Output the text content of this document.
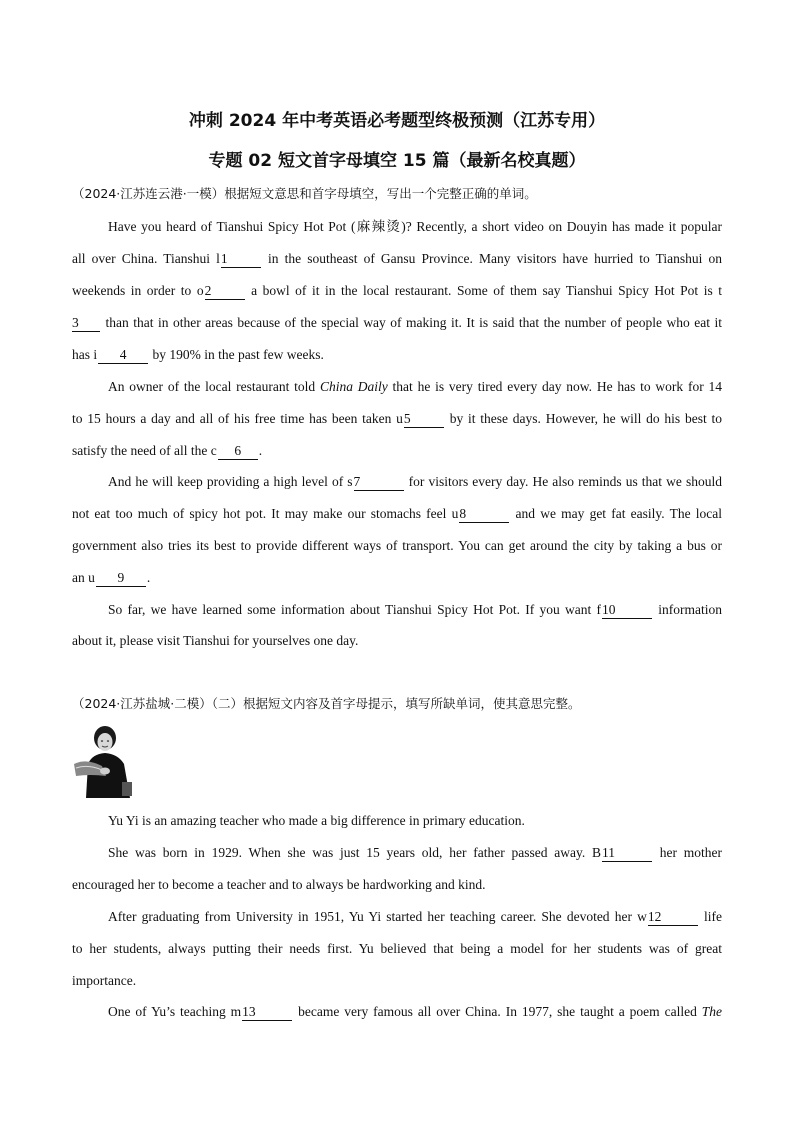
冲刺 2024 年中考英语必考题型终极预测（江苏专用）
专题 02 短文首字母填空 15 篇（最新名校真题）
（2024·江苏连云港·一模）根据短文意思和首字母填空，写出一个完整正确的单词。
Have you heard of Tianshui Spicy Hot Pot (麻辣烫)? Recently, a short video on Douyin has made it popular
all over China. Tianshui l1	in the southeast of Gansu Province. Many visitors have hurried to Tianshui on
weekends in order to o2	a bowl of it in the local restaurant. Some of them say Tianshui Spicy Hot Pot is t
3 than that in other areas because of the special way of making it. It is said that the number of people who eat it
has i 4 by 190% in the past few weeks.
An owner of the local restaurant told China Daily that he is very tired every day now. He has to work for 14
to 15 hours a day and all of his free time has been taken u5	by it these days. However, he will do his best to
satisfy the need of all the c 6 .
And he will keep providing a high level of s7	for visitors every day. He also reminds us that we should
not eat too much of spicy hot pot. It may make our stomachs feel u8	and we may get fat easily. The local
government also tries its best to provide different ways of transport. You can get around the city by taking a bus or
an u 9 .
So far, we have learned some information about Tianshui Spicy Hot Pot. If you want f10	information
about it, please visit Tianshui for yourselves one day.
（2024·江苏盐城·二模）（二）根据短文内容及首字母提示，填写所缺单词，使其意思完整。
Yu Yi is an amazing teacher who made a big difference in primary education.
She was born in 1929. When she was just 15 years old, her father passed away. B11	her mother
encouraged her to become a teacher and to always be hardworking and kind.
After graduating from University in 1951, Yu Yi started her teaching career. She devoted her w12	life
to her students, always putting their needs first. Yu believed that being a model for her students was of great
importance.
One of Yu’s teaching m13	became very famous all over China. In 1977, she taught a poem called The
